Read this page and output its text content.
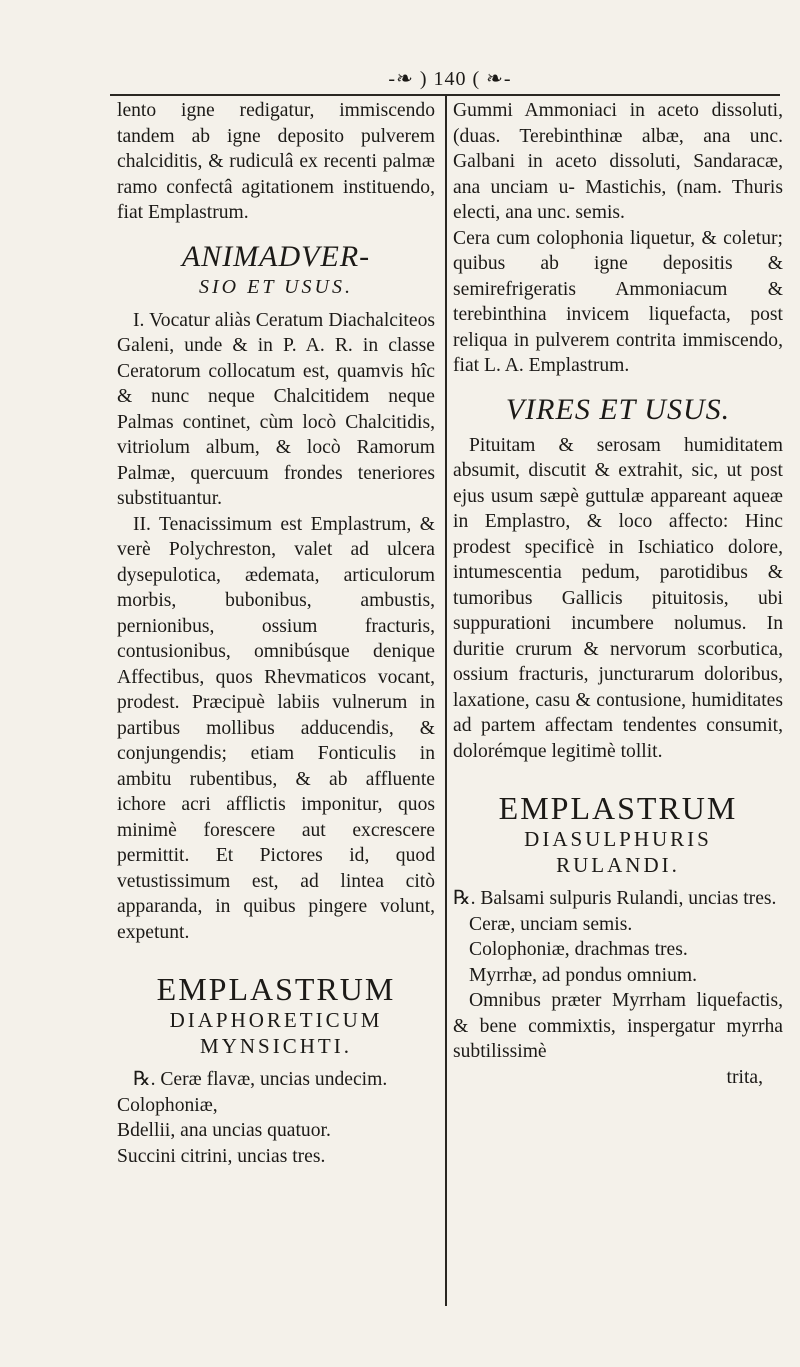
-❧ ) 140 ( ❧-

lento igne redigatur, immiscendo tandem ab igne deposito pulverem chalciditis, & rudiculâ ex recenti palmæ ramo confectâ agitationem instituendo, fiat Emplastrum.

ANIMADVER-
SIO ET USUS.

I. Vocatur aliàs Ceratum Diachalciteos Galeni, unde & in P. A. R. in classe Ceratorum collocatum est, quamvis hîc & nunc neque Chalcitidem neque Palmas continet, cùm locò Chalcitidis, vitriolum album, & locò Ramorum Palmæ, quercuum frondes teneriores substituantur.

II. Tenacissimum est Emplastrum, & verè Polychreston, valet ad ulcera dysepulotica, ædemata, articulorum morbis, bubonibus, ambustis, pernionibus, ossium fracturis, contusionibus, omnibúsque denique Affectibus, quos Rhevmaticos vocant, prodest. Præcipuè labiis vulnerum in partibus mollibus adducendis, & conjungendis; etiam Fonticulis in ambitu rubentibus, & ab affluente ichore acri afflictis imponitur, quos minimè forescere aut excrescere permittit. Et Pictores id, quod vetustissimum est, ad lintea citò apparanda, in quibus pingere volunt, expetunt.

EMPLASTRUM
DIAPHORETICUM
MYNSICHTI.

℞. Ceræ flavæ, uncias undecim.

Colophoniæ,

Bdellii, ana uncias quatuor.

Succini citrini, uncias tres.

Gummi Ammoniaci in aceto dissoluti, (duas. Terebinthinæ albæ, ana unc. Galbani in aceto dissoluti, Sandaracæ, ana unciam u- Mastichis, (nam. Thuris electi, ana unc. semis.

Cera cum colophonia liquetur, & coletur; quibus ab igne depositis & semirefrigeratis Ammoniacum & terebinthina invicem liquefacta, post reliqua in pulverem contrita immiscendo, fiat L. A. Emplastrum.

VIRES ET USUS.

Pituitam & serosam humiditatem absumit, discutit & extrahit, sic, ut post ejus usum sæpè guttulæ appareant aqueæ in Emplastro, & loco affecto: Hinc prodest specificè in Ischiatico dolore, intumescentia pedum, parotidibus & tumoribus Gallicis pituitosis, ubi suppurationi incumbere nolumus. In duritie crurum & nervorum scorbutica, ossium fracturis, juncturarum doloribus, laxatione, casu & contusione, humiditates ad partem affectam tendentes consumit, dolorémque legitimè tollit.

EMPLASTRUM
DIASULPHURIS
RULANDI.

℞. Balsami sulpuris Rulandi, uncias tres.

Ceræ, unciam semis.

Colophoniæ, drachmas tres.

Myrrhæ, ad pondus omnium.

Omnibus præter Myrrham liquefactis, & bene commixtis, inspergatur myrrha subtilissimè

trita,
